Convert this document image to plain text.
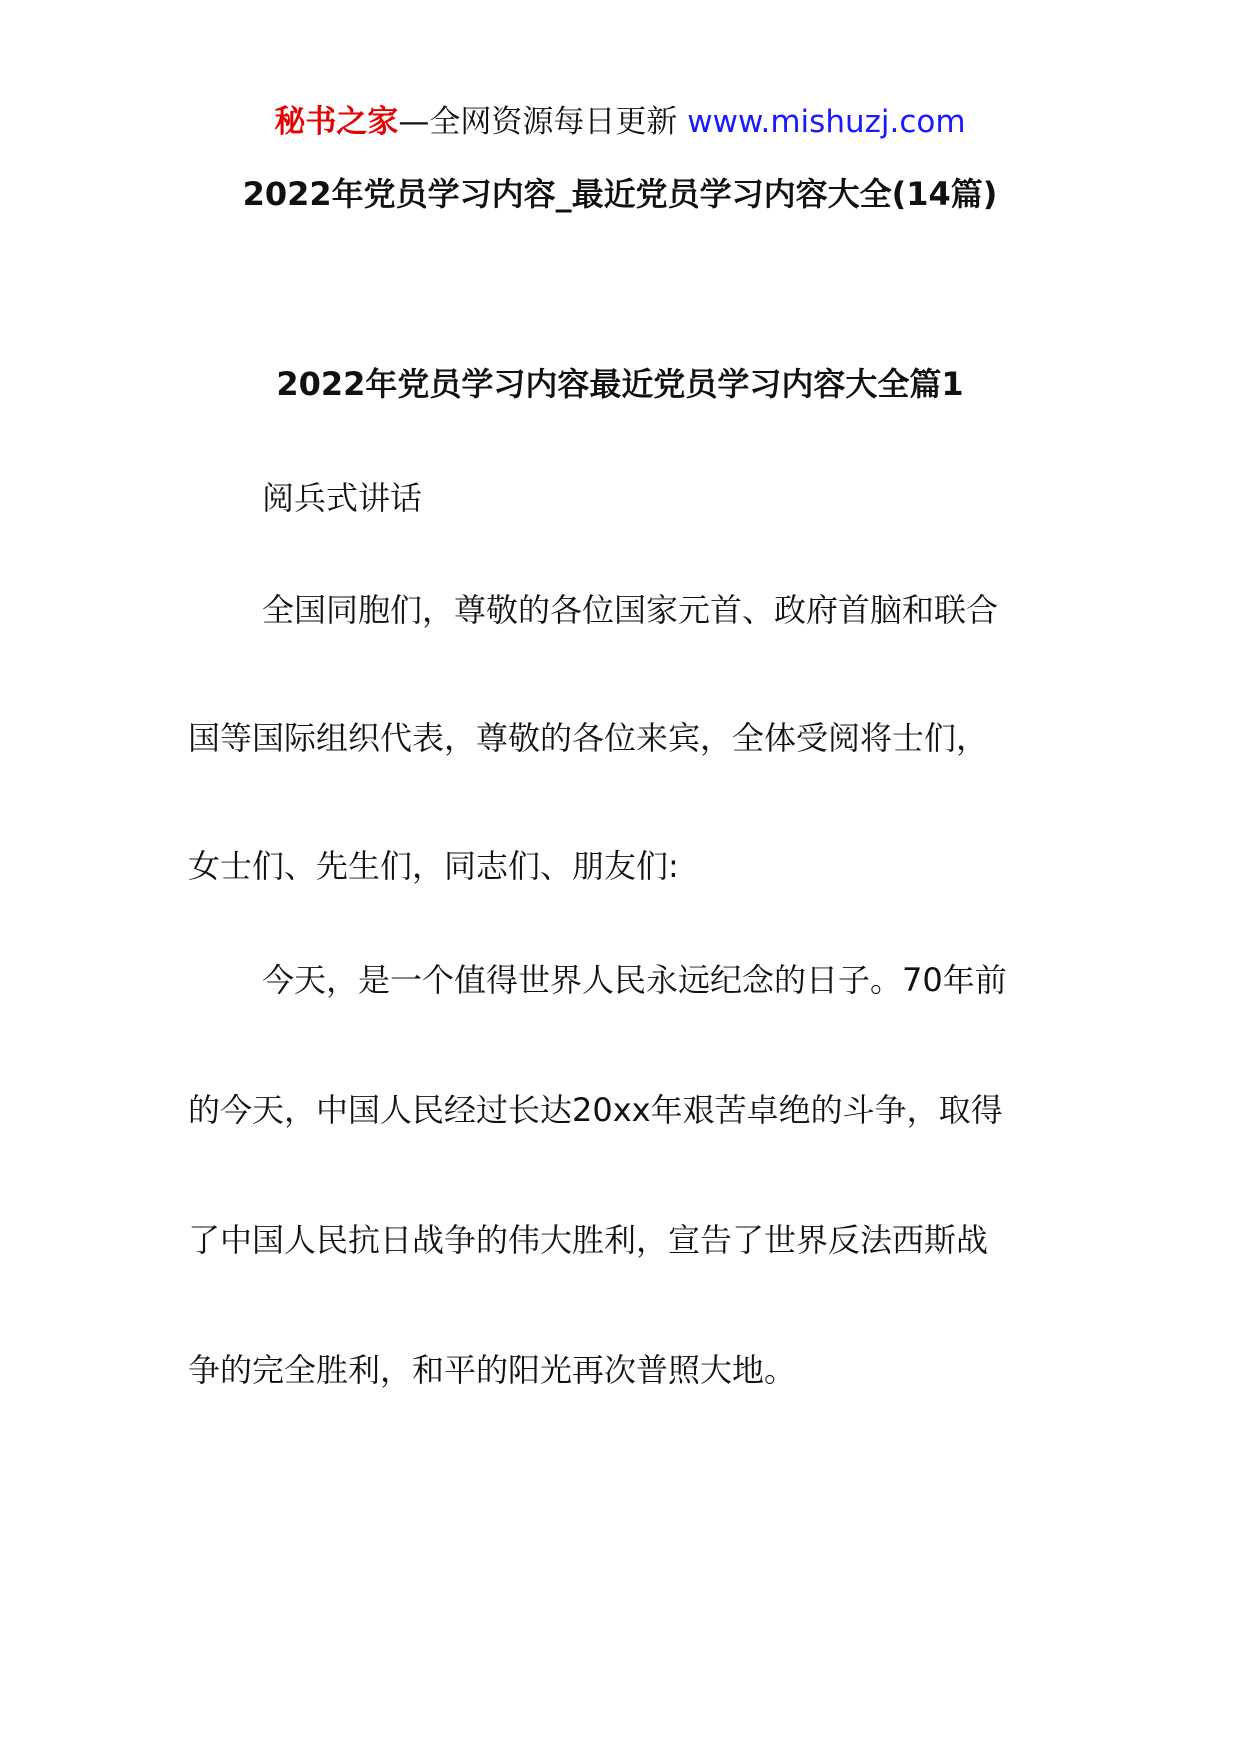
秘书之家—全网资源每日更新 www.mishuzj.com
2022年党员学习内容_最近党员学习内容大全(14篇)
2022年党员学习内容最近党员学习内容大全篇1

阅兵式讲话

全国同胞们，尊敬的各位国家元首、政府首脑和联合

国等国际组织代表，尊敬的各位来宾，全体受阅将士们，

女士们、先生们，同志们、朋友们:

今天，是一个值得世界人民永远纪念的日子。70年前

的今天，中国人民经过长达20xx年艰苦卓绝的斗争，取得

了中国人民抗日战争的伟大胜利，宣告了世界反法西斯战

争的完全胜利，和平的阳光再次普照大地。
